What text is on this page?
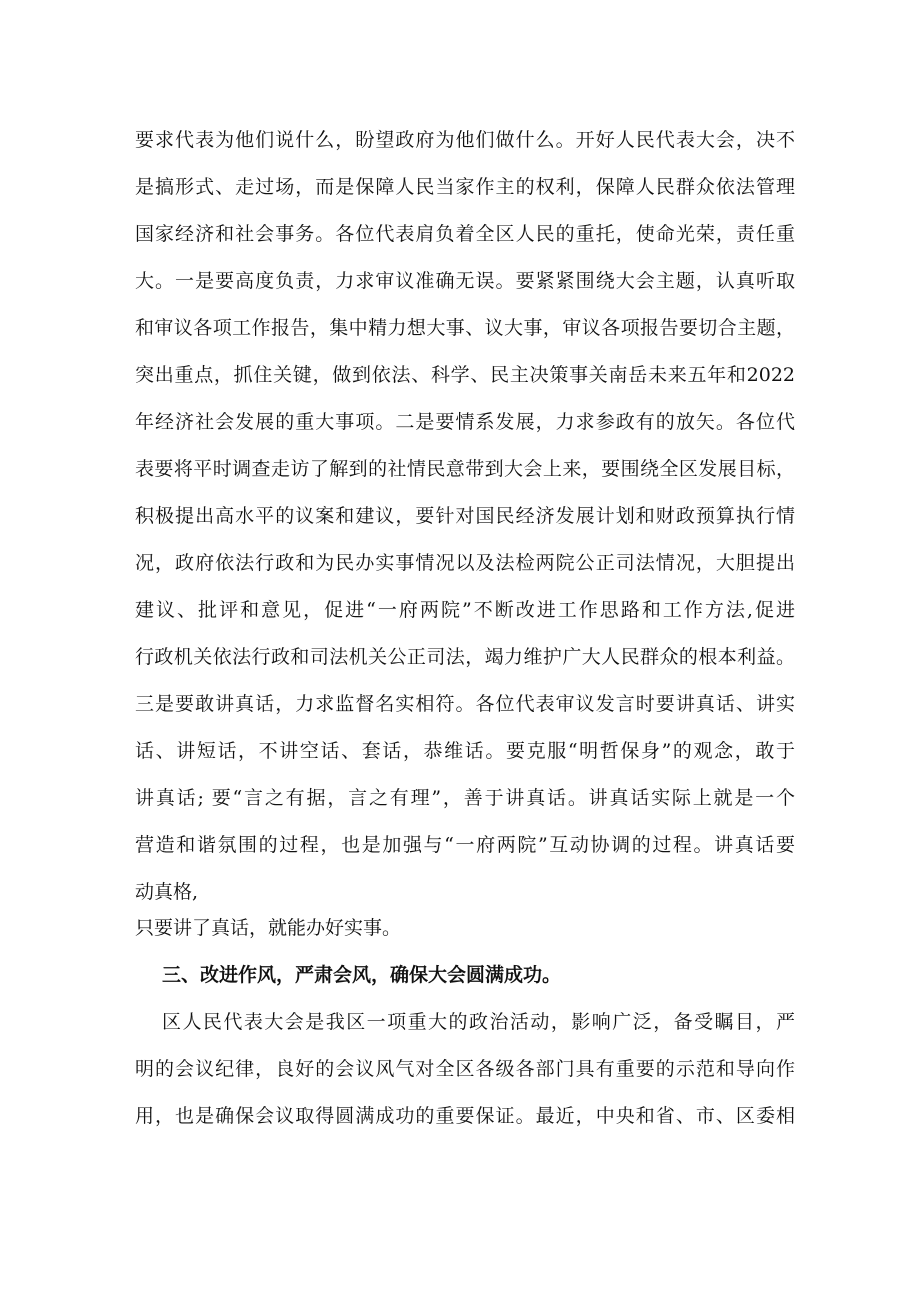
要求代表为他们说什么，盼望政府为他们做什么。开好人民代表大会，决不
是搞形式、走过场，而是保障人民当家作主的权利，保障人民群众依法管理
国家经济和社会事务。各位代表肩负着全区人民的重托，使命光荣，责任重
大。一是要高度负责，力求审议准确无误。要紧紧围绕大会主题，认真听取
和审议各项工作报告，集中精力想大事、议大事，审议各项报告要切合主题，
突出重点，抓住关键，做到依法、科学、民主决策事关南岳未来五年和2022
年经济社会发展的重大事项。二是要情系发展，力求参政有的放矢。各位代
表要将平时调查走访了解到的社情民意带到大会上来，要围绕全区发展目标，
积极提出高水平的议案和建议，要针对国民经济发展计划和财政预算执行情
况，政府依法行政和为民办实事情况以及法检两院公正司法情况，大胆提出
建议、批评和意见，促进“一府两院”不断改进工作思路和工作方法,促进
行政机关依法行政和司法机关公正司法，竭力维护广大人民群众的根本利益。
三是要敢讲真话，力求监督名实相符。各位代表审议发言时要讲真话、讲实
话、讲短话，不讲空话、套话，恭维话。要克服“明哲保身”的观念，敢于
讲真话; 要“言之有据，言之有理”，善于讲真话。讲真话实际上就是一个
营造和谐氛围的过程，也是加强与“一府两院”互动协调的过程。讲真话要
动真格,
只要讲了真话，就能办好实事。
三、改进作风，严肃会风，确保大会圆满成功。
区人民代表大会是我区一项重大的政治活动，影响广泛，备受瞩目，严
明的会议纪律，良好的会议风气对全区各级各部门具有重要的示范和导向作
用，也是确保会议取得圆满成功的重要保证。最近，中央和省、市、区委相
